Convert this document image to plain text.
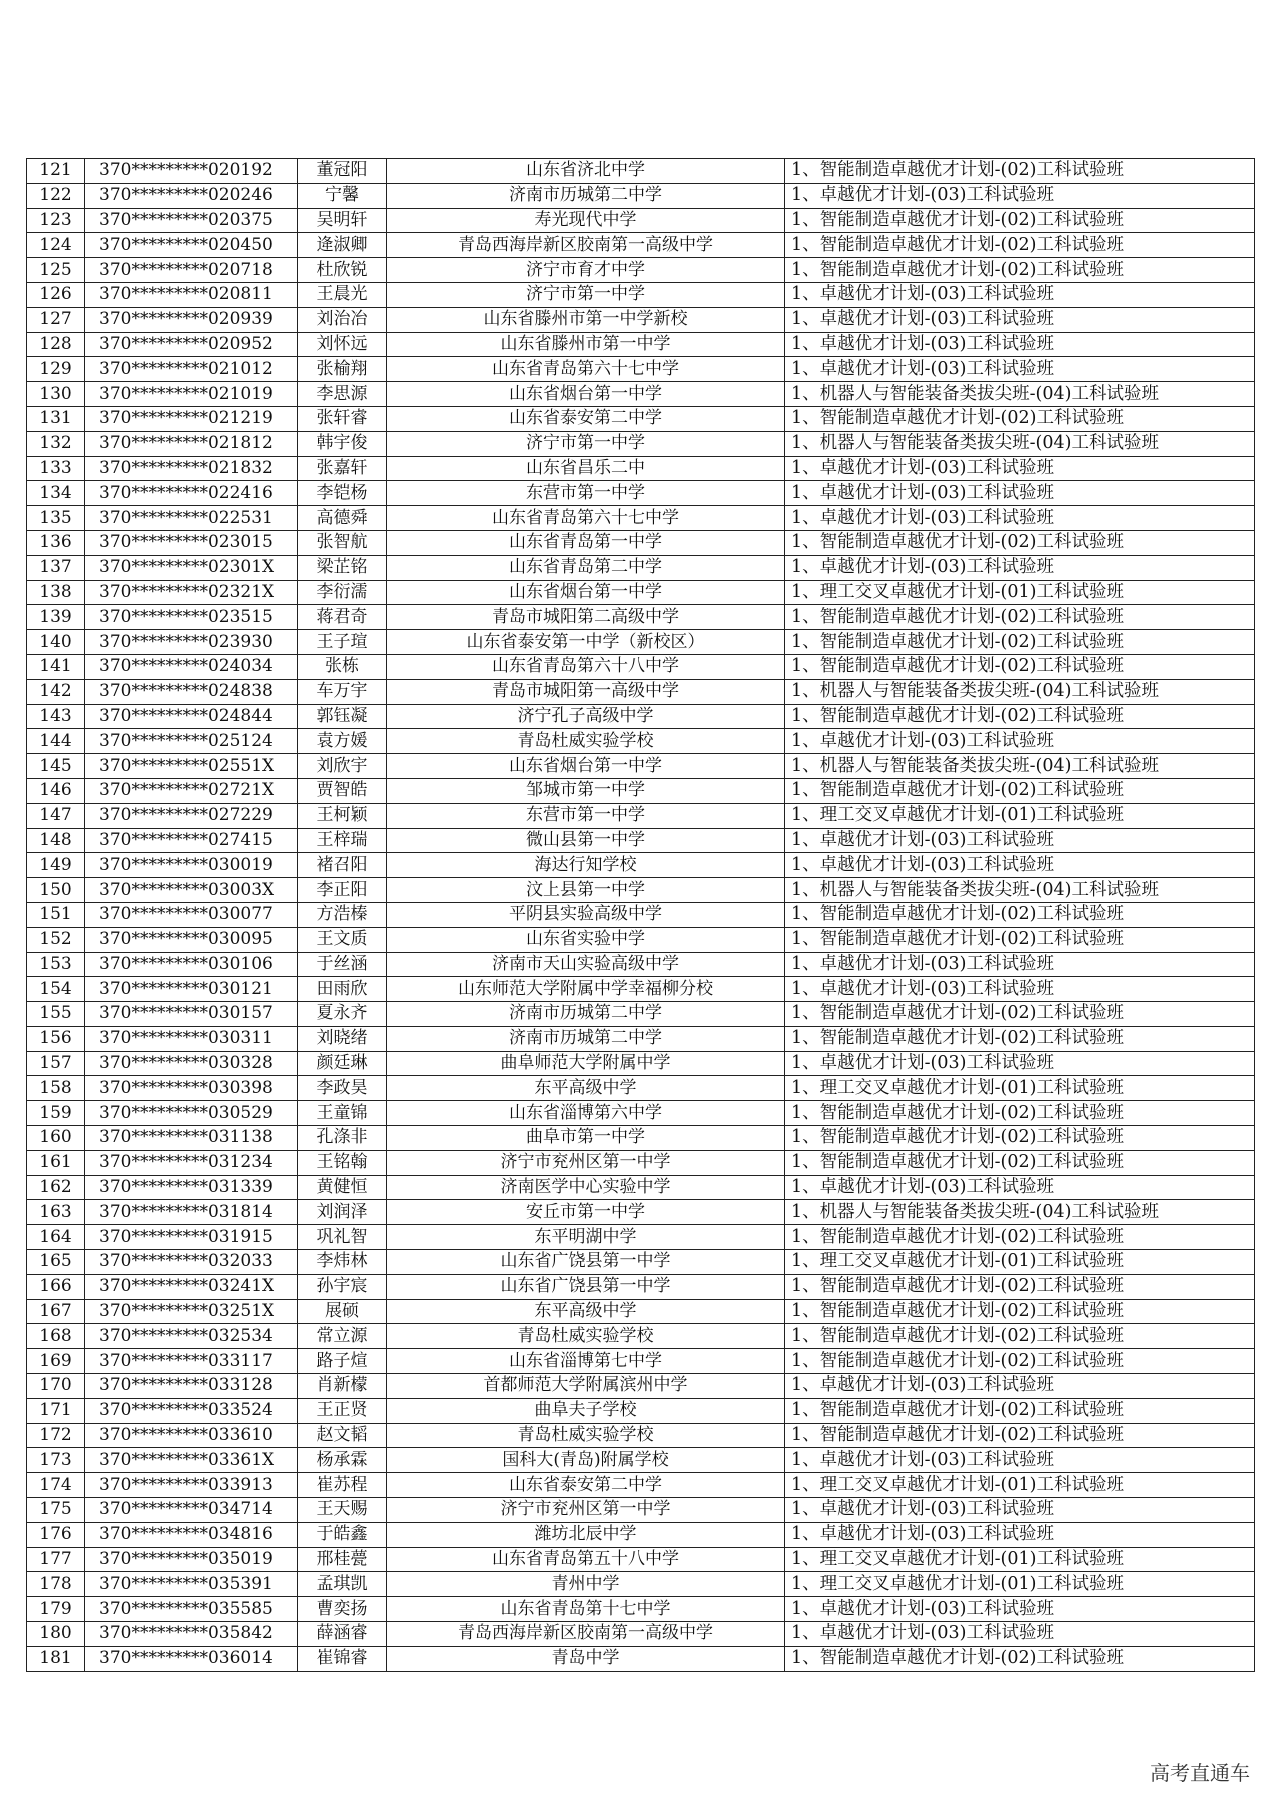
121	370*********020192	董冠阳	山东省济北中学	1、智能制造卓越优才计划-(02)工科试验班
122	370*********020246	宁馨	济南市历城第二中学	1、卓越优才计划-(03)工科试验班
123	370*********020375	吴明轩	寿光现代中学	1、智能制造卓越优才计划-(02)工科试验班
124	370*********020450	逄淑卿	青岛西海岸新区胶南第一高级中学	1、智能制造卓越优才计划-(02)工科试验班
125	370*********020718	杜欣锐	济宁市育才中学	1、智能制造卓越优才计划-(02)工科试验班
126	370*********020811	王晨光	济宁市第一中学	1、卓越优才计划-(03)工科试验班
127	370*********020939	刘治冶	山东省滕州市第一中学新校	1、卓越优才计划-(03)工科试验班
128	370*********020952	刘怀远	山东省滕州市第一中学	1、卓越优才计划-(03)工科试验班
129	370*********021012	张榆翔	山东省青岛第六十七中学	1、卓越优才计划-(03)工科试验班
130	370*********021019	李思源	山东省烟台第一中学	1、机器人与智能装备类拔尖班-(04)工科试验班
131	370*********021219	张轩睿	山东省泰安第二中学	1、智能制造卓越优才计划-(02)工科试验班
132	370*********021812	韩宇俊	济宁市第一中学	1、机器人与智能装备类拔尖班-(04)工科试验班
133	370*********021832	张嘉轩	山东省昌乐二中	1、卓越优才计划-(03)工科试验班
134	370*********022416	李铠杨	东营市第一中学	1、卓越优才计划-(03)工科试验班
135	370*********022531	高德舜	山东省青岛第六十七中学	1、卓越优才计划-(03)工科试验班
136	370*********023015	张智航	山东省青岛第一中学	1、智能制造卓越优才计划-(02)工科试验班
137	370*********02301X	梁芷铭	山东省青岛第二中学	1、卓越优才计划-(03)工科试验班
138	370*********02321X	李衍濡	山东省烟台第一中学	1、理工交叉卓越优才计划-(01)工科试验班
139	370*********023515	蒋君奇	青岛市城阳第二高级中学	1、智能制造卓越优才计划-(02)工科试验班
140	370*********023930	王子瑄	山东省泰安第一中学（新校区）	1、智能制造卓越优才计划-(02)工科试验班
141	370*********024034	张栋	山东省青岛第六十八中学	1、智能制造卓越优才计划-(02)工科试验班
142	370*********024838	车万宇	青岛市城阳第一高级中学	1、机器人与智能装备类拔尖班-(04)工科试验班
143	370*********024844	郭钰凝	济宁孔子高级中学	1、智能制造卓越优才计划-(02)工科试验班
144	370*********025124	袁方媛	青岛杜威实验学校	1、卓越优才计划-(03)工科试验班
145	370*********02551X	刘欣宇	山东省烟台第一中学	1、机器人与智能装备类拔尖班-(04)工科试验班
146	370*********02721X	贾智皓	邹城市第一中学	1、智能制造卓越优才计划-(02)工科试验班
147	370*********027229	王柯颖	东营市第一中学	1、理工交叉卓越优才计划-(01)工科试验班
148	370*********027415	王梓瑞	微山县第一中学	1、卓越优才计划-(03)工科试验班
149	370*********030019	褚召阳	海达行知学校	1、卓越优才计划-(03)工科试验班
150	370*********03003X	李正阳	汶上县第一中学	1、机器人与智能装备类拔尖班-(04)工科试验班
151	370*********030077	方浩榛	平阴县实验高级中学	1、智能制造卓越优才计划-(02)工科试验班
152	370*********030095	王文质	山东省实验中学	1、智能制造卓越优才计划-(02)工科试验班
153	370*********030106	于丝涵	济南市天山实验高级中学	1、卓越优才计划-(03)工科试验班
154	370*********030121	田雨欣	山东师范大学附属中学幸福柳分校	1、卓越优才计划-(03)工科试验班
155	370*********030157	夏永齐	济南市历城第二中学	1、智能制造卓越优才计划-(02)工科试验班
156	370*********030311	刘晓绪	济南市历城第二中学	1、智能制造卓越优才计划-(02)工科试验班
157	370*********030328	颜廷琳	曲阜师范大学附属中学	1、卓越优才计划-(03)工科试验班
158	370*********030398	李政昊	东平高级中学	1、理工交叉卓越优才计划-(01)工科试验班
159	370*********030529	王童锦	山东省淄博第六中学	1、智能制造卓越优才计划-(02)工科试验班
160	370*********031138	孔涤非	曲阜市第一中学	1、智能制造卓越优才计划-(02)工科试验班
161	370*********031234	王铭翰	济宁市兖州区第一中学	1、智能制造卓越优才计划-(02)工科试验班
162	370*********031339	黄健恒	济南医学中心实验中学	1、卓越优才计划-(03)工科试验班
163	370*********031814	刘润泽	安丘市第一中学	1、机器人与智能装备类拔尖班-(04)工科试验班
164	370*********031915	巩礼智	东平明湖中学	1、智能制造卓越优才计划-(02)工科试验班
165	370*********032033	李炜林	山东省广饶县第一中学	1、理工交叉卓越优才计划-(01)工科试验班
166	370*********03241X	孙宇宸	山东省广饶县第一中学	1、智能制造卓越优才计划-(02)工科试验班
167	370*********03251X	展硕	东平高级中学	1、智能制造卓越优才计划-(02)工科试验班
168	370*********032534	常立源	青岛杜威实验学校	1、智能制造卓越优才计划-(02)工科试验班
169	370*********033117	路子煊	山东省淄博第七中学	1、智能制造卓越优才计划-(02)工科试验班
170	370*********033128	肖新檬	首都师范大学附属滨州中学	1、卓越优才计划-(03)工科试验班
171	370*********033524	王正贤	曲阜夫子学校	1、智能制造卓越优才计划-(02)工科试验班
172	370*********033610	赵文韬	青岛杜威实验学校	1、智能制造卓越优才计划-(02)工科试验班
173	370*********03361X	杨承霖	国科大(青岛)附属学校	1、卓越优才计划-(03)工科试验班
174	370*********033913	崔苏程	山东省泰安第二中学	1、理工交叉卓越优才计划-(01)工科试验班
175	370*********034714	王天赐	济宁市兖州区第一中学	1、卓越优才计划-(03)工科试验班
176	370*********034816	于皓鑫	潍坊北辰中学	1、卓越优才计划-(03)工科试验班
177	370*********035019	邢桂甍	山东省青岛第五十八中学	1、理工交叉卓越优才计划-(01)工科试验班
178	370*********035391	孟琪凯	青州中学	1、理工交叉卓越优才计划-(01)工科试验班
179	370*********035585	曹奕扬	山东省青岛第十七中学	1、卓越优才计划-(03)工科试验班
180	370*********035842	薛涵睿	青岛西海岸新区胶南第一高级中学	1、卓越优才计划-(03)工科试验班
181	370*********036014	崔锦睿	青岛中学	1、智能制造卓越优才计划-(02)工科试验班
高考直通车
